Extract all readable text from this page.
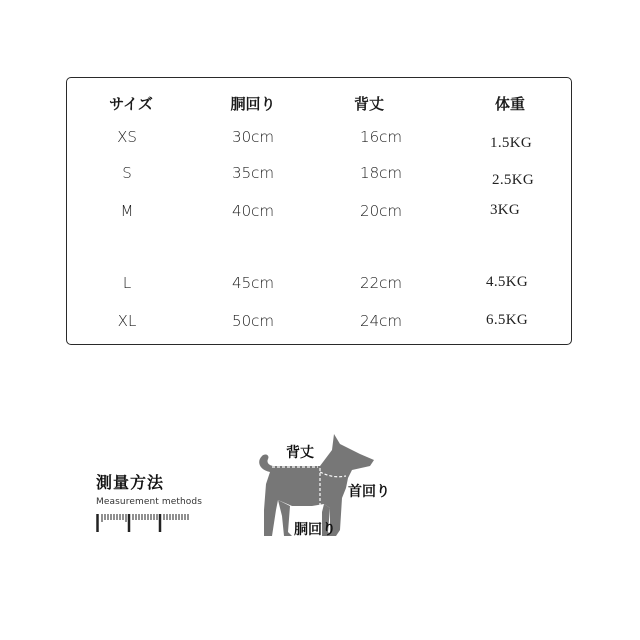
サイズ	胴回り	背丈	体重
XS	30cm	16cm	1.5KG
S	35cm	18cm	2.5KG
M	40cm	20cm	3KG
L	45cm	22cm	4.5KG
XL	50cm	24cm	6.5KG
測量方法
Measurement methods
背丈
首回り
胴回り
